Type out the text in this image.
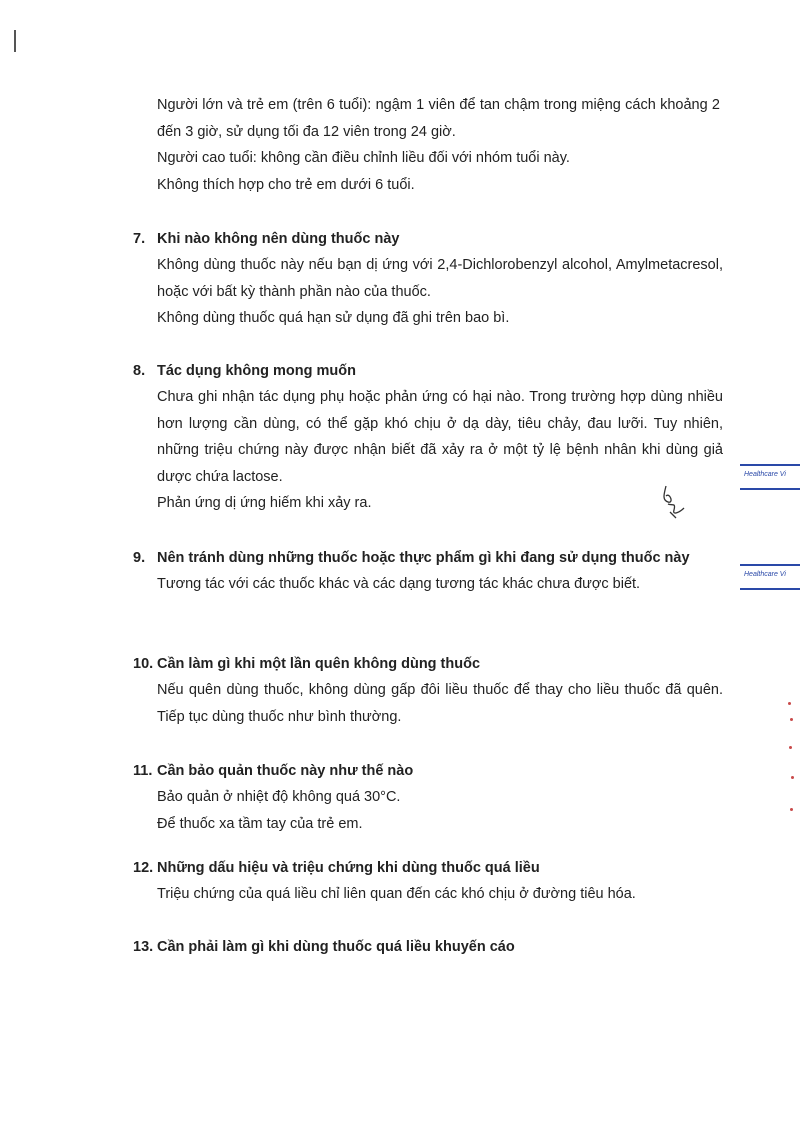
Người lớn và trẻ em (trên 6 tuổi): ngậm 1 viên để tan chậm trong miệng cách khoảng 2 đến 3 giờ, sử dụng tối đa 12 viên trong 24 giờ.

Người cao tuổi: không cần điều chỉnh liều đối với nhóm tuổi này.

Không thích hợp cho trẻ em dưới 6 tuổi.

7. Khi nào không nên dùng thuốc này

Không dùng thuốc này nếu bạn dị ứng với 2,4-Dichlorobenzyl alcohol, Amylmetacresol, hoặc với bất kỳ thành phần nào của thuốc.

Không dùng thuốc quá hạn sử dụng đã ghi trên bao bì.

8. Tác dụng không mong muốn

Chưa ghi nhận tác dụng phụ hoặc phản ứng có hại nào. Trong trường hợp dùng nhiều hơn lượng cần dùng, có thể gặp khó chịu ở dạ dày, tiêu chảy, đau lưỡi. Tuy nhiên, những triệu chứng này được nhận biết đã xảy ra ở một tỷ lệ bệnh nhân khi dùng giả dược chứa lactose.

Phản ứng dị ứng hiếm khi xảy ra.

9. Nên tránh dùng những thuốc hoặc thực phẩm gì khi đang sử dụng thuốc này

Tương tác với các thuốc khác và các dạng tương tác khác chưa được biết.

10. Cần làm gì khi một lần quên không dùng thuốc

Nếu quên dùng thuốc, không dùng gấp đôi liều thuốc để thay cho liều thuốc đã quên. Tiếp tục dùng thuốc như bình thường.

11. Cần bảo quản thuốc này như thế nào

Bảo quản ở nhiệt độ không quá 30°C.

Để thuốc xa tầm tay của trẻ em.

12. Những dấu hiệu và triệu chứng khi dùng thuốc quá liều

Triệu chứng của quá liều chỉ liên quan đến các khó chịu ở đường tiêu hóa.

13. Cần phải làm gì khi dùng thuốc quá liều khuyến cáo
Healthcare Vi
Healthcare Vi
